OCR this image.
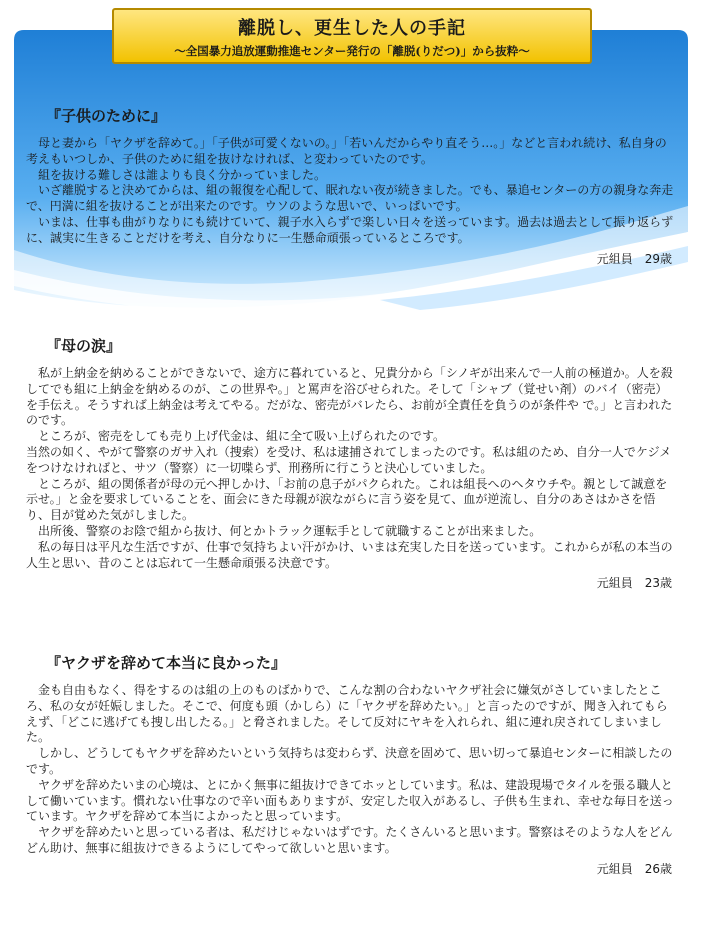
離脱し、更生した人の手記
～全国暴力追放運動推進センター発行の「離脱(りだつ)」から抜粋～
『子供のために』

母と妻から「ヤクザを辞めて。」「子供が可愛くないの。」「若いんだからやり直そう…。」などと言われ続け、私自身の考えもいつしか、子供のために組を抜けなければ、と変わっていたのです。

組を抜ける難しさは誰よりも良く分かっていました。

いざ離脱すると決めてからは、組の報復を心配して、眠れない夜が続きました。でも、暴追センターの方の親身な奔走で、円満に組を抜けることが出来たのです。ウソのような思いで、いっぱいです。

いまは、仕事も曲がりなりにも続けていて、親子水入らずで楽しい日々を送っています。過去は過去として振り返らずに、誠実に生きることだけを考え、自分なりに一生懸命頑張っているところです。

元組員　29歳
『母の涙』

私が上納金を納めることができないで、途方に暮れていると、兄貴分から「シノギが出来んで一人前の極道か。人を殺してでも組に上納金を納めるのが、この世界や。」と罵声を浴びせられた。そして「シャブ（覚せい剤）のバイ（密売）を手伝え。そうすれば上納金は考えてやる。だがな、密売がバレたら、お前が全責任を負うのが条件や で。」と言われたのです。

ところが、密売をしても売り上げ代金は、組に全て吸い上げられたのです。

当然の如く、やがて警察のガサ入れ（捜索）を受け、私は逮捕されてしまったのです。私は組のため、自分一人でケジメをつけなければと、サツ（警察）に一切喋らず、刑務所に行こうと決心していました。

ところが、組の関係者が母の元へ押しかけ、「お前の息子がパクられた。これは組長へのヘタウチや。親として誠意を示せ。」と金を要求していることを、面会にきた母親が涙ながらに言う姿を見て、血が逆流し、自分のあさはかさを悟り、目が覚めた気がしました。

出所後、警察のお陰で組から抜け、何とかトラック運転手として就職することが出来ました。

私の毎日は平凡な生活ですが、仕事で気持ちよい汗がかけ、いまは充実した日を送っています。これからが私の本当の人生と思い、昔のことは忘れて一生懸命頑張る決意です。

元組員　23歳
『ヤクザを辞めて本当に良かった』

金も自由もなく、得をするのは組の上のものばかりで、こんな割の合わないヤクザ社会に嫌気がさしていましたところ、私の女が妊娠しました。そこで、何度も頭（かしら）に「ヤクザを辞めたい。」と言ったのですが、聞き入れてもらえず、「どこに逃げても捜し出したる。」と脅されました。そして反対にヤキを入れられ、組に連れ戻されてしまいました。

しかし、どうしてもヤクザを辞めたいという気持ちは変わらず、決意を固めて、思い切って暴追センターに相談したのです。

ヤクザを辞めたいまの心境は、とにかく無事に組抜けできてホッとしています。私は、建設現場でタイルを張る職人として働いています。慣れない仕事なので辛い面もありますが、安定した収入があるし、子供も生まれ、幸せな毎日を送っています。ヤクザを辞めて本当によかったと思っています。

ヤクザを辞めたいと思っている者は、私だけじゃないはずです。たくさんいると思います。警察はそのような人をどんどん助け、無事に組抜けできるようにしてやって欲しいと思います。

元組員　26歳
